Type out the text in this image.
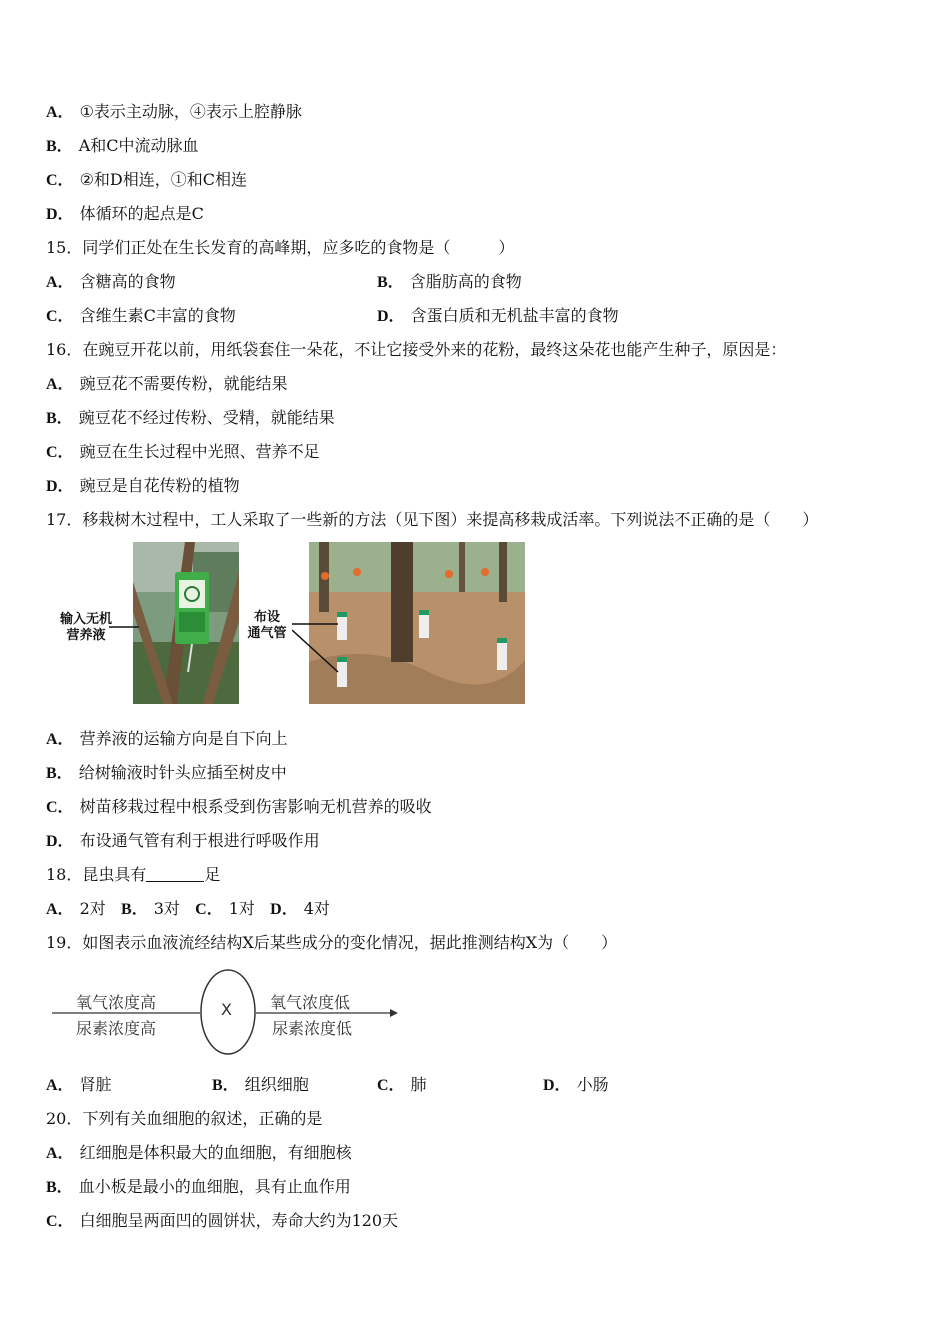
A． ①表示主动脉，④表示上腔静脉
B． A和C中流动脉血
C． ②和D相连，①和C相连
D． 体循环的起点是C
15．同学们正处在生长发育的高峰期，应多吃的食物是（　　　）
A． 含糖高的食物	B． 含脂肪高的食物
C． 含维生素C丰富的食物	D． 含蛋白质和无机盐丰富的食物
16．在豌豆开花以前，用纸袋套住一朵花，不让它接受外来的花粉，最终这朵花也能产生种子，原因是：
A． 豌豆花不需要传粉，就能结果
B． 豌豆花不经过传粉、受精，就能结果
C． 豌豆在生长过程中光照、营养不足
D． 豌豆是自花传粉的植物
17．移栽树木过程中，工人采取了一些新的方法（见下图）来提高移栽成活率。下列说法不正确的是（　　）
输入无机
营养液
布设
通气管
A． 营养液的运输方向是自下向上
B． 给树输液时针头应插至树皮中
C． 树苗移栽过程中根系受到伤害影响无机营养的吸收
D． 布设通气管有利于根进行呼吸作用
18．昆虫具有	足
A． 2对 B． 3对 C． 1对 D． 4对
19．如图表示血液流经结构X后某些成分的变化情况，据此推测结构X为（　　）
氧气浓度高
尿素浓度高
X 氧气浓度低
尿素浓度低
A． 肾脏	B． 组织细胞	C． 肺	D． 小肠
20．下列有关血细胞的叙述，正确的是
A． 红细胞是体积最大的血细胞，有细胞核
B． 血小板是最小的血细胞，具有止血作用
C． 白细胞呈两面凹的圆饼状，寿命大约为120天
